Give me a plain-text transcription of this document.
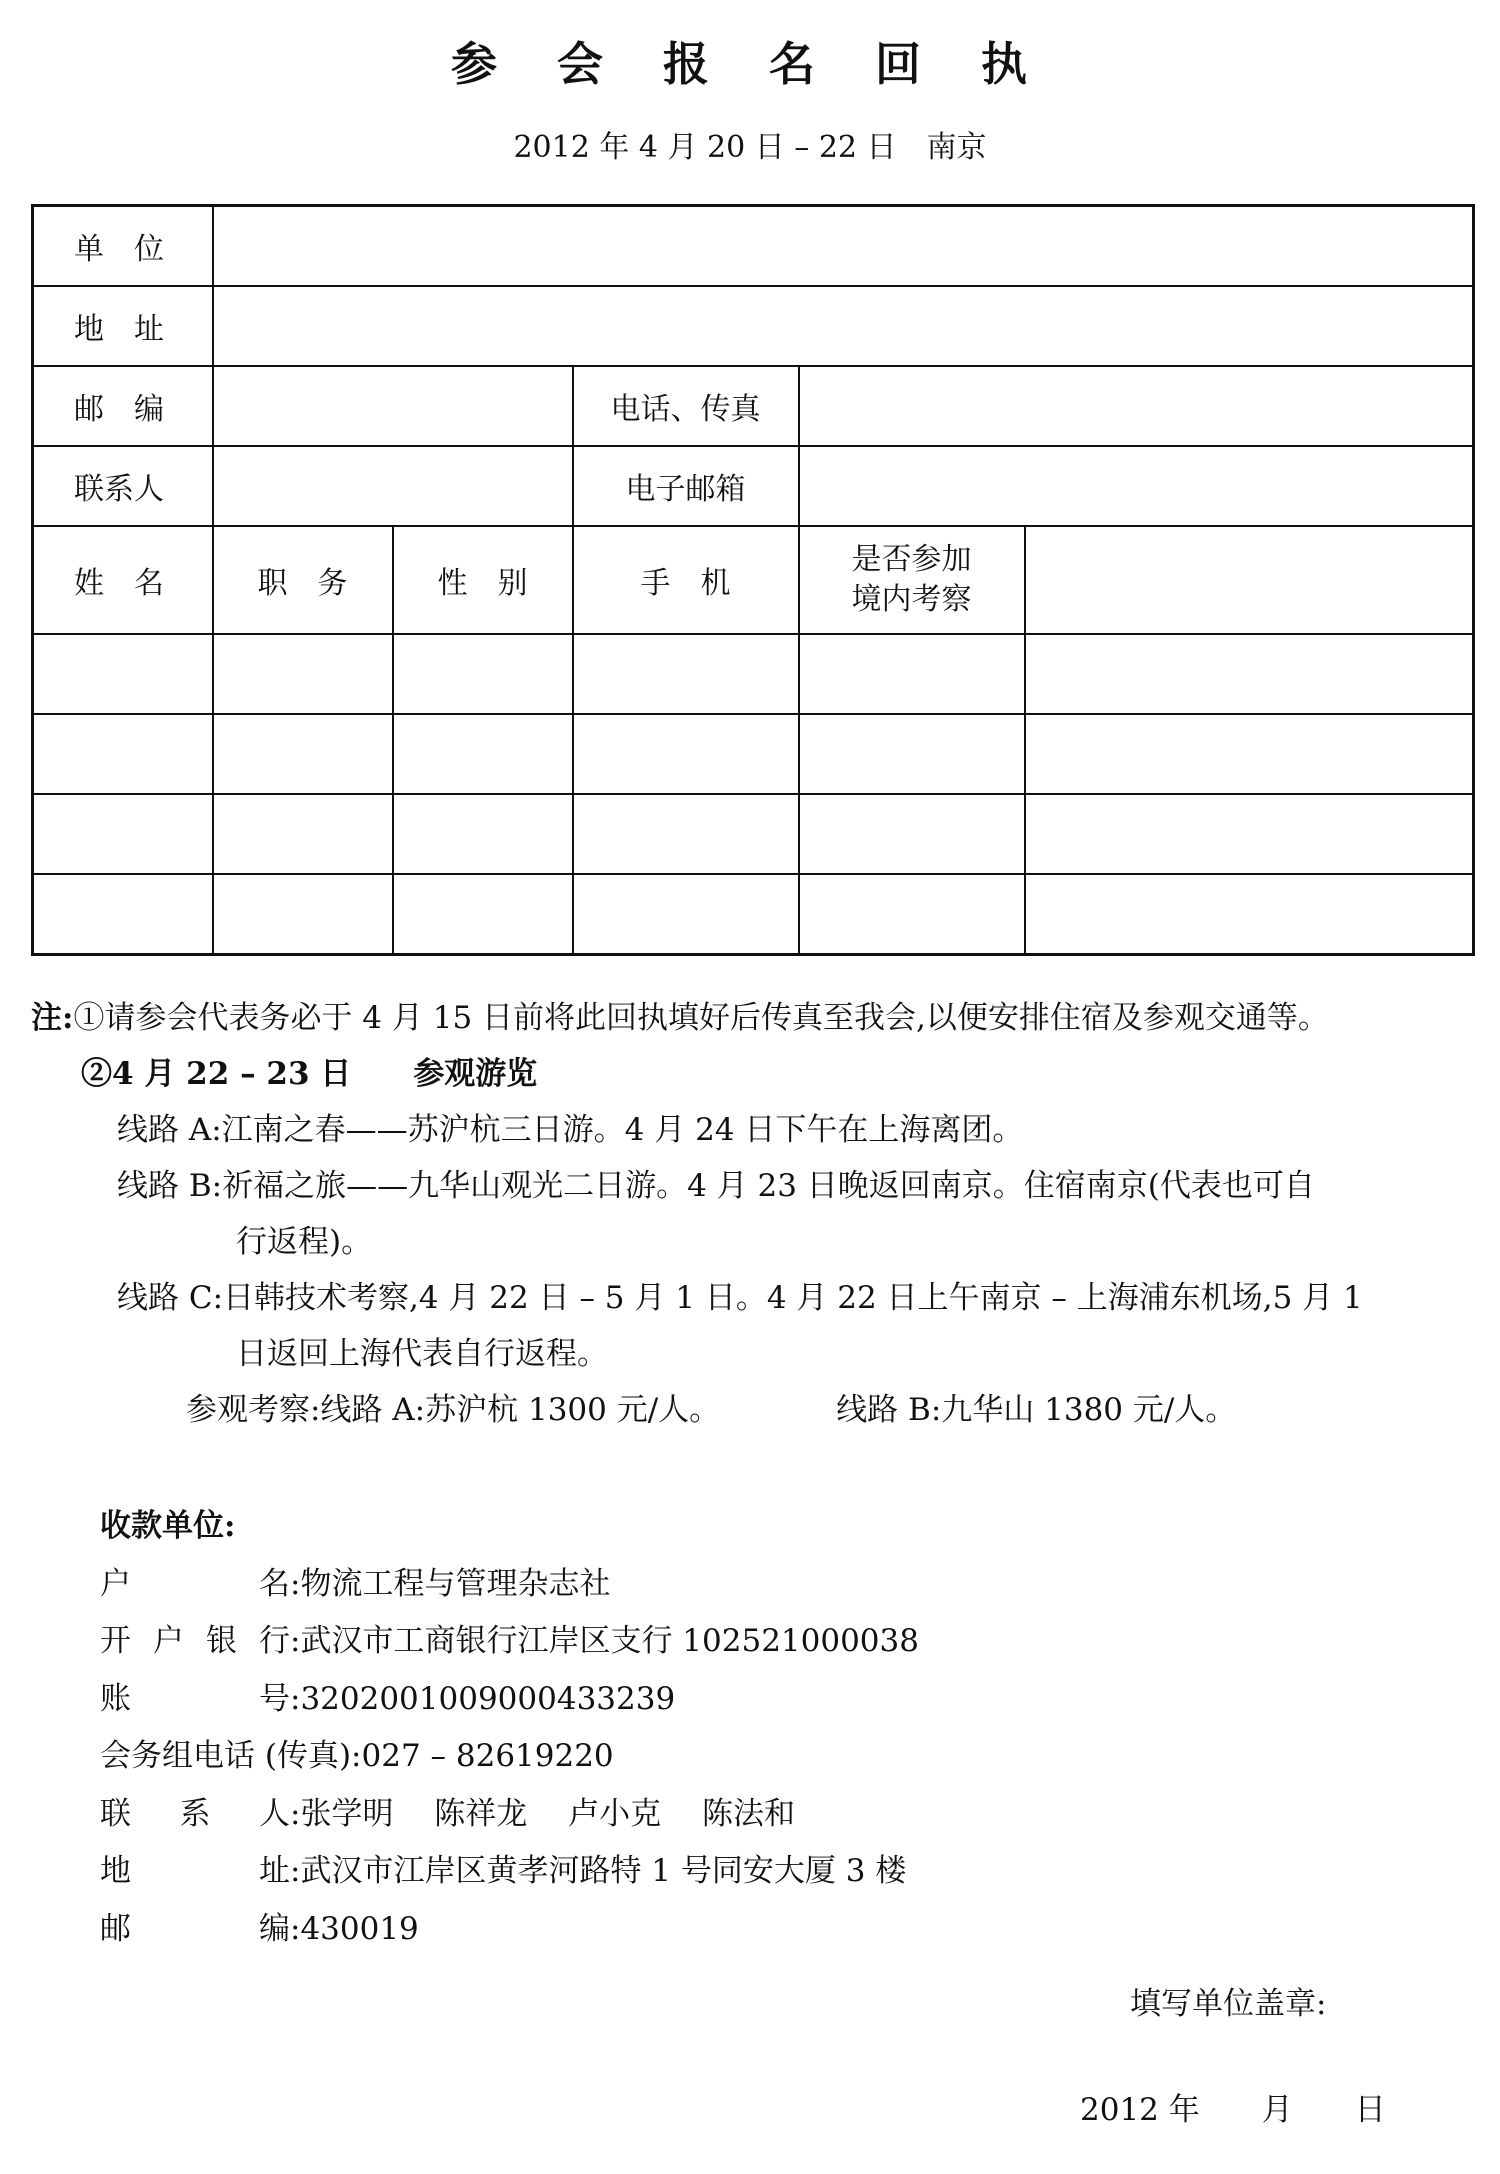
参 会 报 名 回 执
2012 年 4 月 20 日 – 22 日 南京
单　位					
地　址					
邮　编			电话、传真		
联系人			电子邮箱		
姓　名	职　务	性　别	手　机	是否参加
境内考察	

注:①请参会代表务必于 4 月 15 日前将此回执填好后传真至我会,以便安排住宿及参观交通等。
②4 月 22 – 23 日　　 参观游览
线路 A:江南之春——苏沪杭三日游。4 月 24 日下午在上海离团。
线路 B:祈福之旅——九华山观光二日游。4 月 23 日晚返回南京。住宿南京(代表也可自
行返程)。
线路 C:日韩技术考察,4 月 22 日 – 5 月 1 日。4 月 22 日上午南京 – 上海浦东机场,5 月 1
日返回上海代表自行返程。
参观考察:线路 A:苏沪杭 1300 元/人。	线路 B:九华山 1380 元/人。
收款单位:
户	名 :物流工程与管理杂志社
开 户 银 行 :武汉市工商银行江岸区支行 102521000038
账	号 :3202001009000433239
会务组电话 (传真) :027 – 82619220
联 系 人 :张学明　 陈祥龙　 卢小克　 陈法和
地	址 :武汉市江岸区黄孝河路特 1 号同安大厦 3 楼
邮	编 :430019
填写单位盖章:
2012 年　　月　　日
